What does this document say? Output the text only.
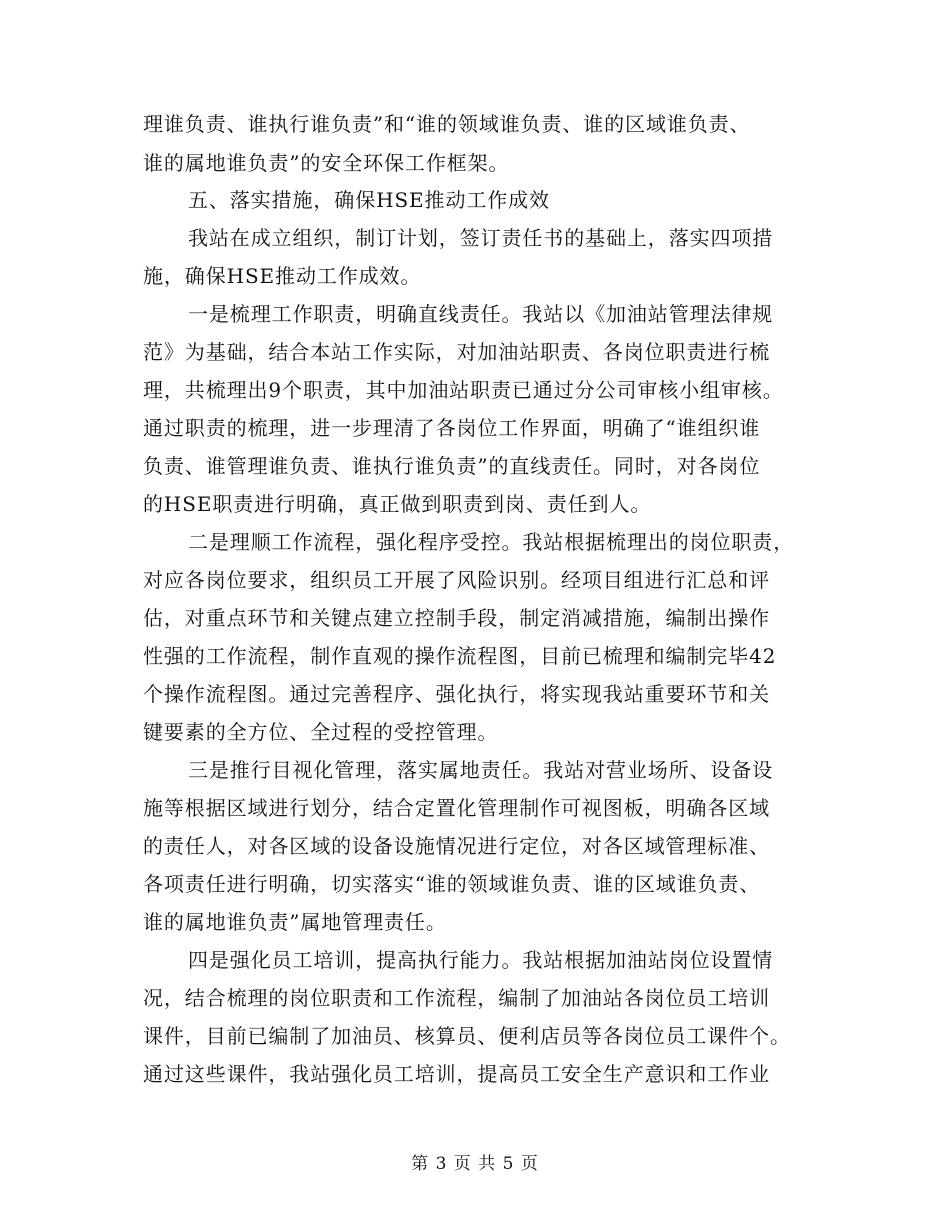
理谁负责、谁执行谁负责”和“谁的领域谁负责、谁的区域谁负责、
谁的属地谁负责”的安全环保工作框架。
五、落实措施，确保HSE推动工作成效
我站在成立组织，制订计划，签订责任书的基础上，落实四项措
施，确保HSE推动工作成效。
一是梳理工作职责，明确直线责任。我站以《加油站管理法律规
范》为基础，结合本站工作实际，对加油站职责、各岗位职责进行梳
理，共梳理出9个职责，其中加油站职责已通过分公司审核小组审核。
通过职责的梳理，进一步理清了各岗位工作界面，明确了“谁组织谁
负责、谁管理谁负责、谁执行谁负责”的直线责任。同时，对各岗位
的HSE职责进行明确，真正做到职责到岗、责任到人。
二是理顺工作流程，强化程序受控。我站根据梳理出的岗位职责，
对应各岗位要求，组织员工开展了风险识别。经项目组进行汇总和评
估，对重点环节和关键点建立控制手段，制定消减措施，编制出操作
性强的工作流程，制作直观的操作流程图，目前已梳理和编制完毕42
个操作流程图。通过完善程序、强化执行，将实现我站重要环节和关
键要素的全方位、全过程的受控管理。
三是推行目视化管理，落实属地责任。我站对营业场所、设备设
施等根据区域进行划分，结合定置化管理制作可视图板，明确各区域
的责任人，对各区域的设备设施情况进行定位，对各区域管理标准、
各项责任进行明确，切实落实“谁的领域谁负责、谁的区域谁负责、
谁的属地谁负责”属地管理责任。
四是强化员工培训，提高执行能力。我站根据加油站岗位设置情
况，结合梳理的岗位职责和工作流程，编制了加油站各岗位员工培训
课件，目前已编制了加油员、核算员、便利店员等各岗位员工课件个。
通过这些课件，我站强化员工培训，提高员工安全生产意识和工作业
第 3 页 共 5 页
